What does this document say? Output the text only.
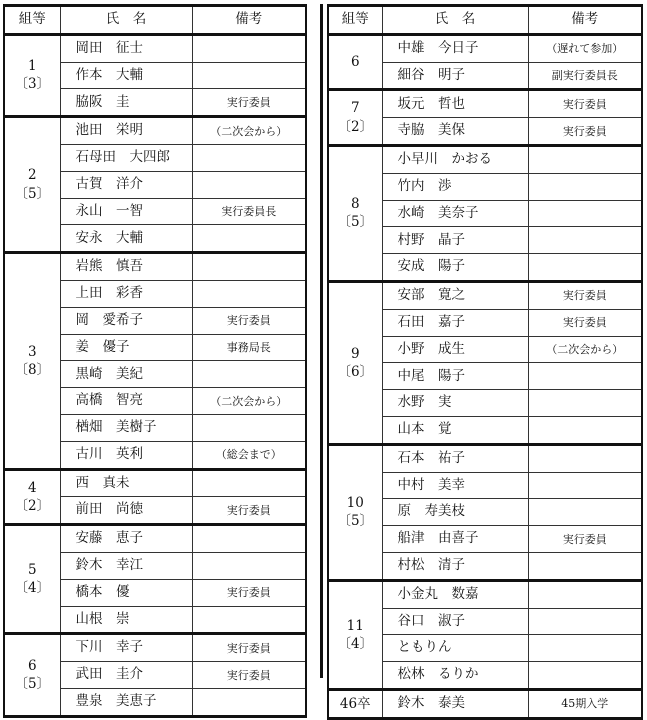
組等	氏　名	備考

1
〔3〕	岡田　征士	
	作本　大輔	
	脇阪　圭	実行委員

2
〔5〕	池田　栄明	（二次会から）
	石母田　大四郎	
	古賀　洋介	
	永山　一智	実行委員長
	安永　大輔	

3
〔8〕	岩熊　慎吾	
	上田　彩香	
	岡　愛希子	実行委員
	姜　優子	事務局長
	黒崎　美紀	
	高橋　智亮	（二次会から）
	楢畑　美樹子	
	古川　英利	（総会まで）

4
〔2〕	西　真未	
	前田　尚徳	実行委員

5
〔4〕	安藤　恵子	
	鈴木　幸江	
	橋本　優	実行委員
	山根　崇	

6
〔5〕	下川　幸子	実行委員
	武田　圭介	実行委員
	豊泉　美恵子	
組等	氏　名	備考

6	中雄　今日子	（遅れて参加）
	細谷　明子	副実行委員長

7
〔2〕	坂元　哲也	実行委員
	寺脇　美保	実行委員

8
〔5〕	小早川　かおる	
	竹内　渉	
	水崎　美奈子	
	村野　晶子	
	安成　陽子	

9
〔6〕	安部　寛之	実行委員
	石田　嘉子	実行委員
	小野　成生	（二次会から）
	中尾　陽子	
	水野　実	
	山本　覚	

10
〔5〕	石本　祐子	
	中村　美幸	
	原　寿美枝	
	船津　由喜子	実行委員
	村松　清子	

11
〔4〕	小金丸　数嘉	
	谷口　淑子	
	ともりん	
	松林　るりか	

46卒	鈴木　泰美	45期入学
